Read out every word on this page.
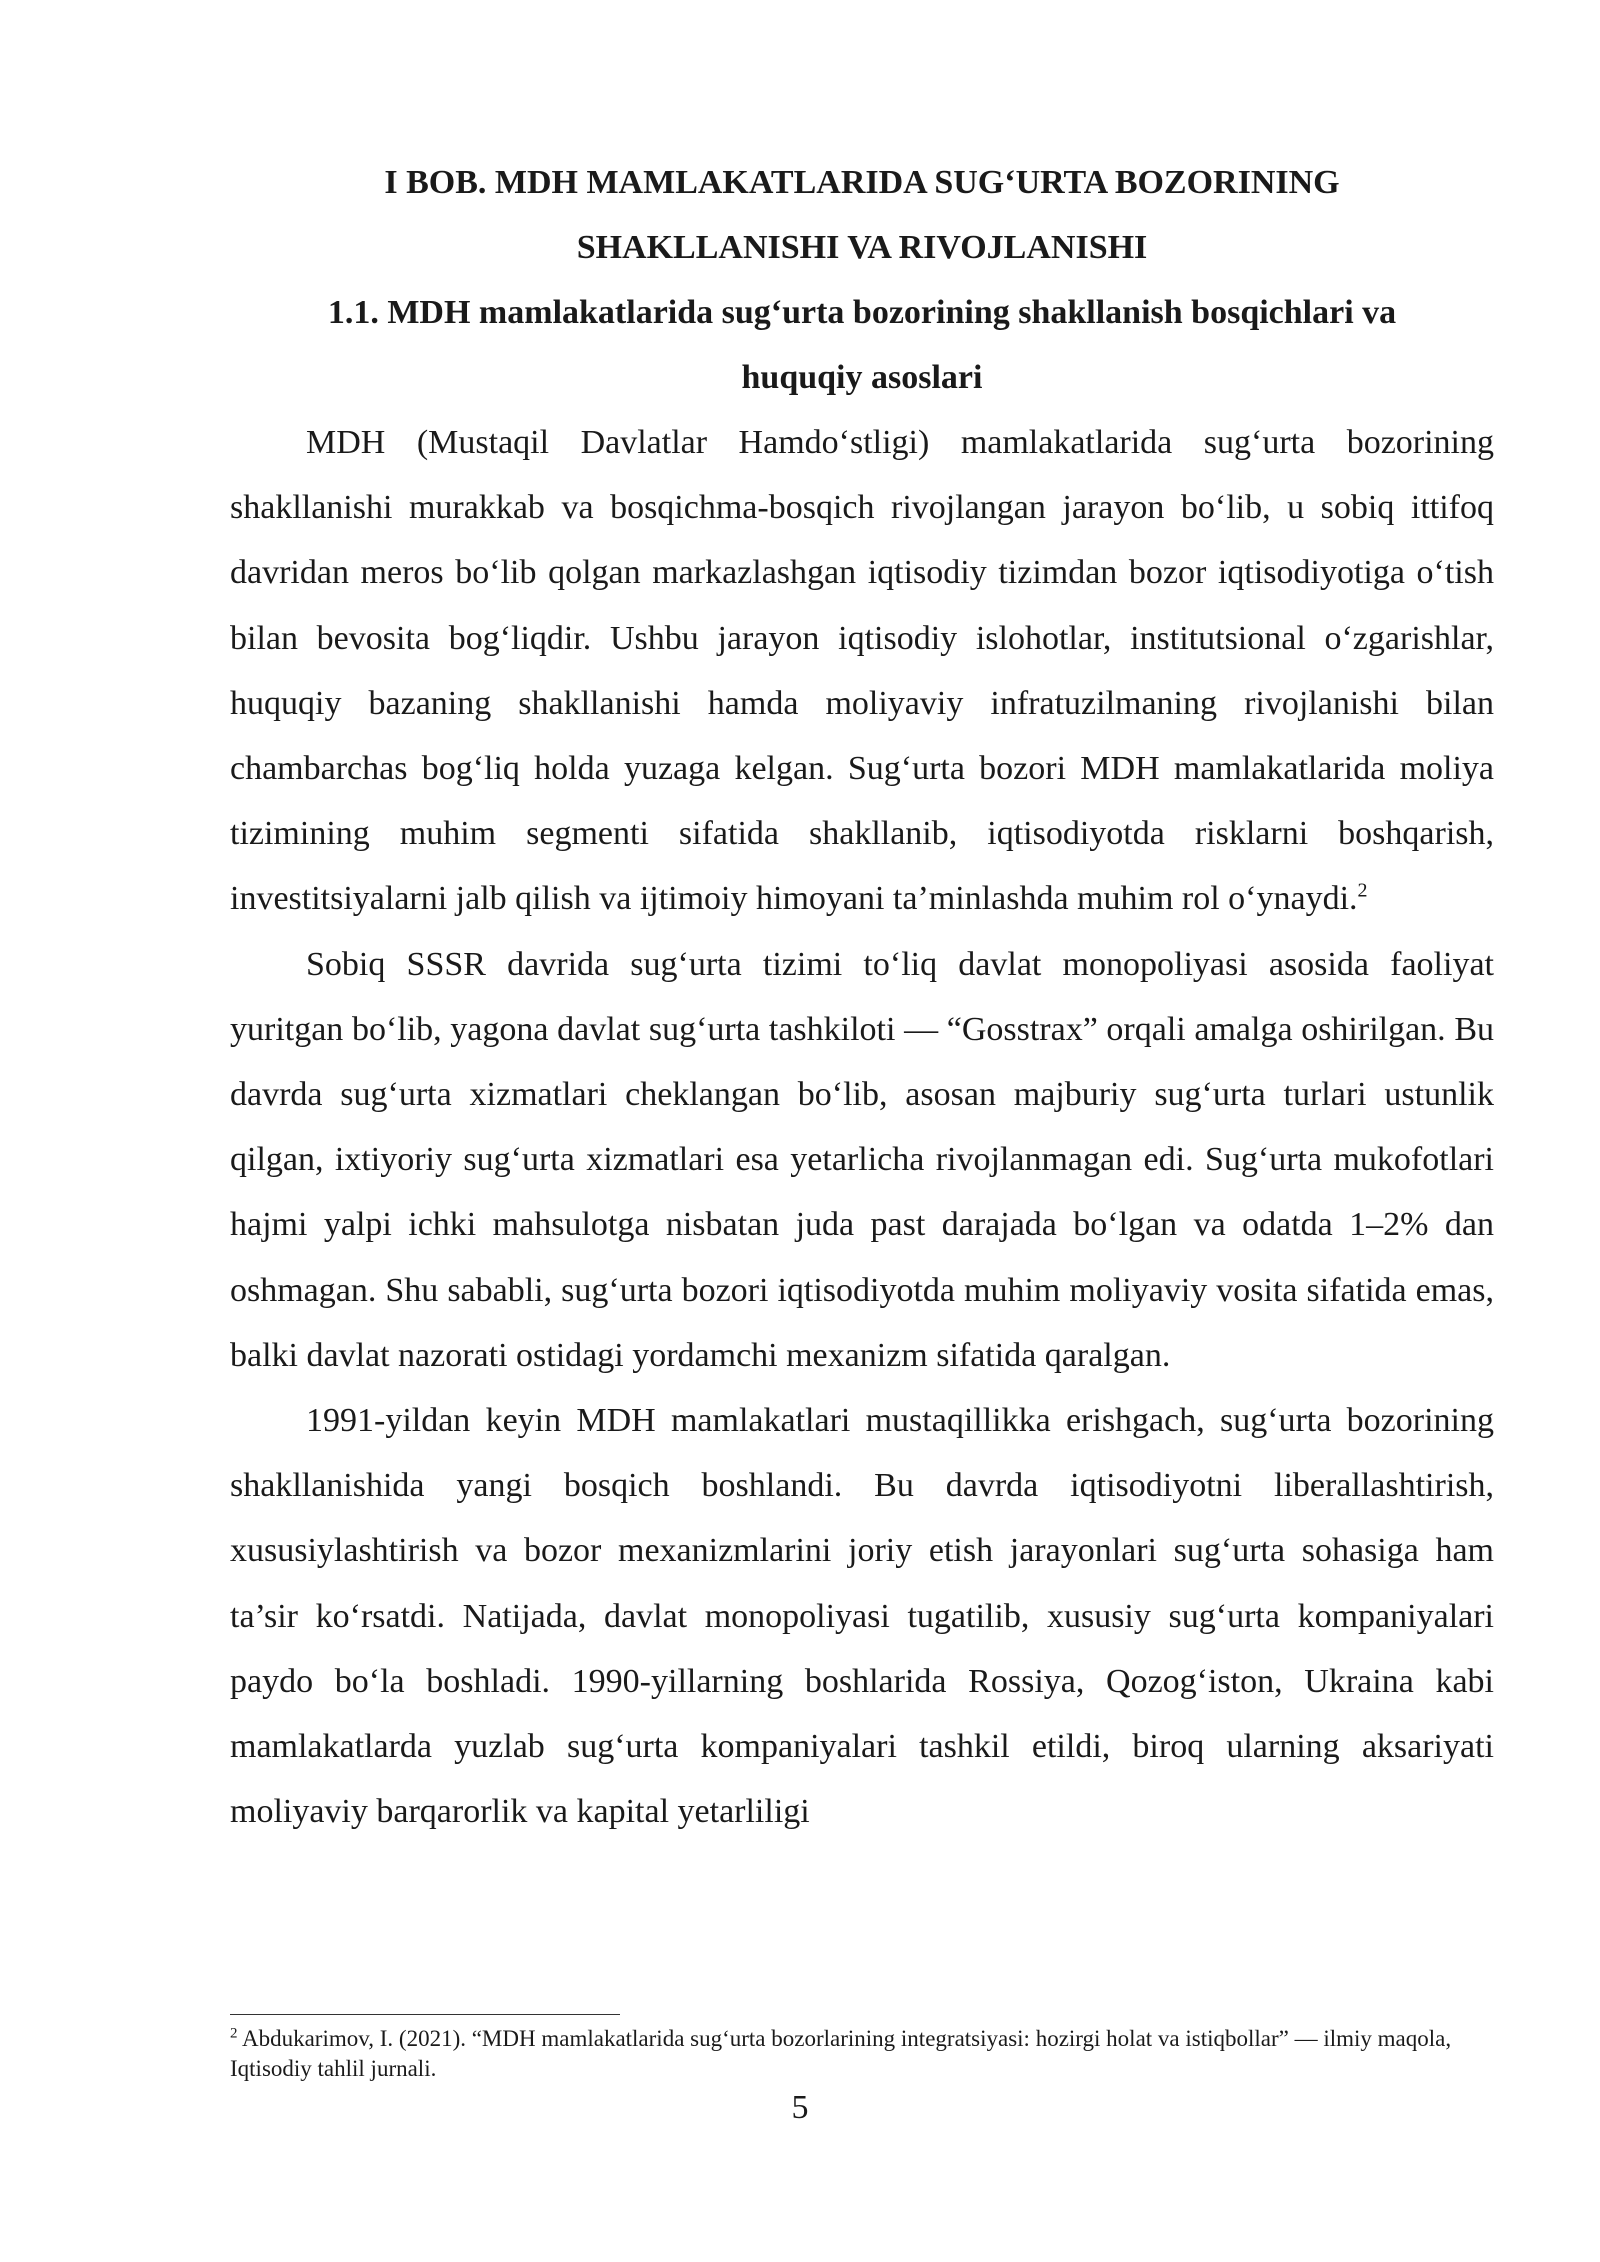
I BOB. MDH MAMLAKATLARIDA SUG‘URTA BOZORINING
SHAKLLANISHI VA RIVOJLANISHI

1.1. MDH mamlakatlarida sug‘urta bozorining shakllanish bosqichlari va
huquqiy asoslari

MDH (Mustaqil Davlatlar Hamdo‘stligi) mamlakatlarida sug‘urta bozorining shakllanishi murakkab va bosqichma-bosqich rivojlangan jarayon bo‘lib, u sobiq ittifoq davridan meros bo‘lib qolgan markazlashgan iqtisodiy tizimdan bozor iqtisodiyotiga o‘tish bilan bevosita bog‘liqdir. Ushbu jarayon iqtisodiy islohotlar, institutsional o‘zgarishlar, huquqiy bazaning shakllanishi hamda moliyaviy infratuzilmaning rivojlanishi bilan chambarchas bog‘liq holda yuzaga kelgan. Sug‘urta bozori MDH mamlakatlarida moliya tizimining muhim segmenti sifatida shakllanib, iqtisodiyotda risklarni boshqarish, investitsiyalarni jalb qilish va ijtimoiy himoyani ta’minlashda muhim rol o‘ynaydi.$^2$

Sobiq SSSR davrida sug‘urta tizimi to‘liq davlat monopoliyasi asosida faoliyat yuritgan bo‘lib, yagona davlat sug‘urta tashkiloti — “Gosstrax” orqali amalga oshirilgan. Bu davrda sug‘urta xizmatlari cheklangan bo‘lib, asosan majburiy sug‘urta turlari ustunlik qilgan, ixtiyoriy sug‘urta xizmatlari esa yetarlicha rivojlanmagan edi. Sug‘urta mukofotlari hajmi yalpi ichki mahsulotga nisbatan juda past darajada bo‘lgan va odatda 1–2% dan oshmagan. Shu sababli, sug‘urta bozori iqtisodiyotda muhim moliyaviy vosita sifatida emas, balki davlat nazorati ostidagi yordamchi mexanizm sifatida qaralgan.

1991-yildan keyin MDH mamlakatlari mustaqillikka erishgach, sug‘urta bozorining shakllanishida yangi bosqich boshlandi. Bu davrda iqtisodiyotni liberallashtirish, xususiylashtirish va bozor mexanizmlarini joriy etish jarayonlari sug‘urta sohasiga ham ta’sir ko‘rsatdi. Natijada, davlat monopoliyasi tugatilib, xususiy sug‘urta kompaniyalari paydo bo‘la boshladi. 1990-yillarning boshlarida Rossiya, Qozog‘iston, Ukraina kabi mamlakatlarda yuzlab sug‘urta kompaniyalari tashkil etildi, biroq ularning aksariyati moliyaviy barqarorlik va kapital yetarliligi

$^2$ Abdukarimov, I. (2021). “MDH mamlakatlarida sug‘urta bozorlarining integratsiyasi: hozirgi holat va istiqbollar” — ilmiy maqola, Iqtisodiy tahlil jurnali.

5
